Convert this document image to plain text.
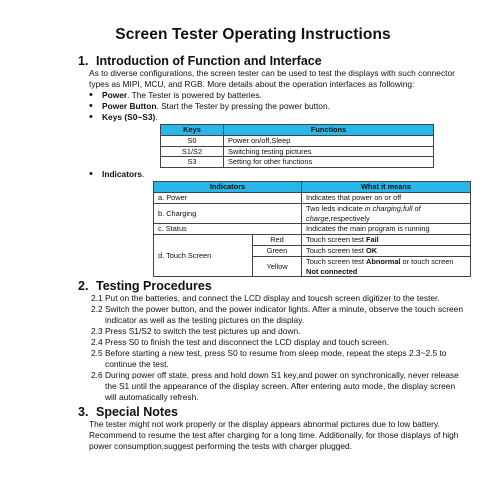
Screen Tester Operating Instructions
1. Introduction of Function and Interface
As to diverse configurations, the screen tester can be used to test the displays with such connector types as MIPI, MCU, and RGB. More details about the operation interfaces as following:
• Power. The Tester is powered by batteries.
• Power Button. Start the Tester by pressing the power button.
• Keys (S0~S3).
Keys	Functions
S0	Power on/off,Sleep
S1/S2	Switching testing pictures
S3	Setting for other functions
• Indicators.
Indicators		What it means
a. Power		Indicates that power on or off
b. Charging		Two leds indicate in charging,full of charge,respectively
c. Status		Indicates the main program is running
d. Touch Screen	Red	Touch screen test Fail
	Green	Touch screen test OK
	Yellow	Touch screen test Abnormal or touch screen Not connected
2. Testing Procedures
2.1 Put on the batteries, and connect the LCD display and toucsh screen digitizer to the tester.
2.2 Switch the power button, and the power indicator lights. After a minute, observe the touch screen indicator as well as the testing pictures on the display.
2.3 Press S1/S2 to switch the test pictures up and down.
2.4 Press S0 to finish the test and disconnect the LCD display and touch screen.
2.5 Before starting a new test, press S0 to resume from sleep mode, repeat the steps 2.3~2.5 to continue the test.
2.6 During power off state, press and hold down S1 key,and power on synchronically, never release the S1 until the appearance of the display screen. After entering auto mode, the display screen will automatically refresh.
3. Special Notes
The tester might not work properly or the display appears abnormal pictures due to low battery. Recommend to resume the test after charging for a long time. Additionally, for those displays of high power consumption,suggest performing the tests with charger plugged.
